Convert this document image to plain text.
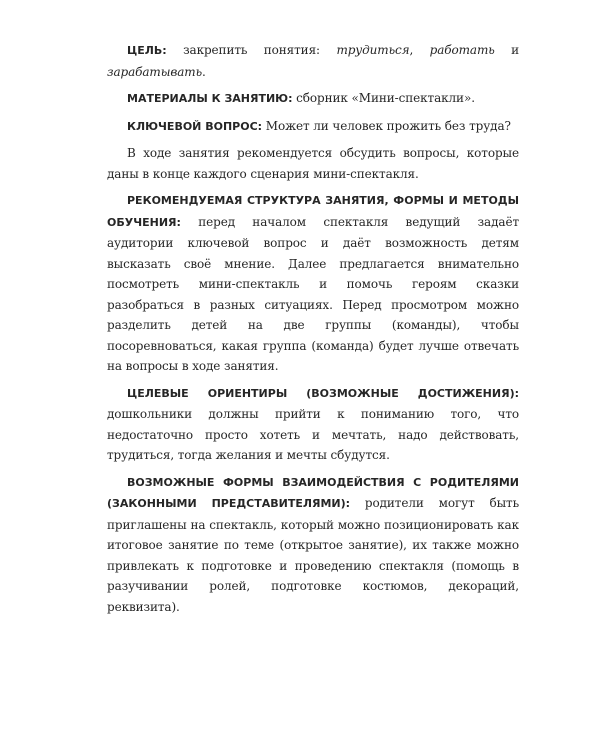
ЦЕЛЬ: закрепить понятия: трудиться, работать и зарабатывать.

МАТЕРИАЛЫ К ЗАНЯТИЮ: сборник «Мини-спектакли».

КЛЮЧЕВОЙ ВОПРОС: Может ли человек прожить без труда?

В ходе занятия рекомендуется обсудить вопросы, которые даны в конце каждого сценария мини-спектакля.

РЕКОМЕНДУЕМАЯ СТРУКТУРА ЗАНЯТИЯ, ФОРМЫ И МЕТОДЫ ОБУЧЕНИЯ: перед началом спектакля ведущий задаёт аудитории ключевой вопрос и даёт возможность детям высказать своё мнение. Далее предлагается внимательно посмотреть мини-спектакль и помочь героям сказки разобраться в разных ситуациях. Перед просмотром можно разделить детей на две группы (команды), чтобы посоревноваться, какая группа (команда) будет лучше отвечать на вопросы в ходе занятия.

ЦЕЛЕВЫЕ ОРИЕНТИРЫ (ВОЗМОЖНЫЕ ДОСТИЖЕНИЯ): дошкольники должны прийти к пониманию того, что недостаточно просто хотеть и мечтать, надо действовать, трудиться, тогда желания и мечты сбудутся.

ВОЗМОЖНЫЕ ФОРМЫ ВЗАИМОДЕЙСТВИЯ С РОДИТЕЛЯМИ (ЗАКОННЫМИ ПРЕДСТАВИТЕЛЯМИ): родители могут быть приглашены на спектакль, который можно позиционировать как итоговое занятие по теме (открытое занятие), их также можно привлекать к подготовке и проведению спектакля (помощь в разучивании ролей, подготовке костюмов, декораций, реквизита).
